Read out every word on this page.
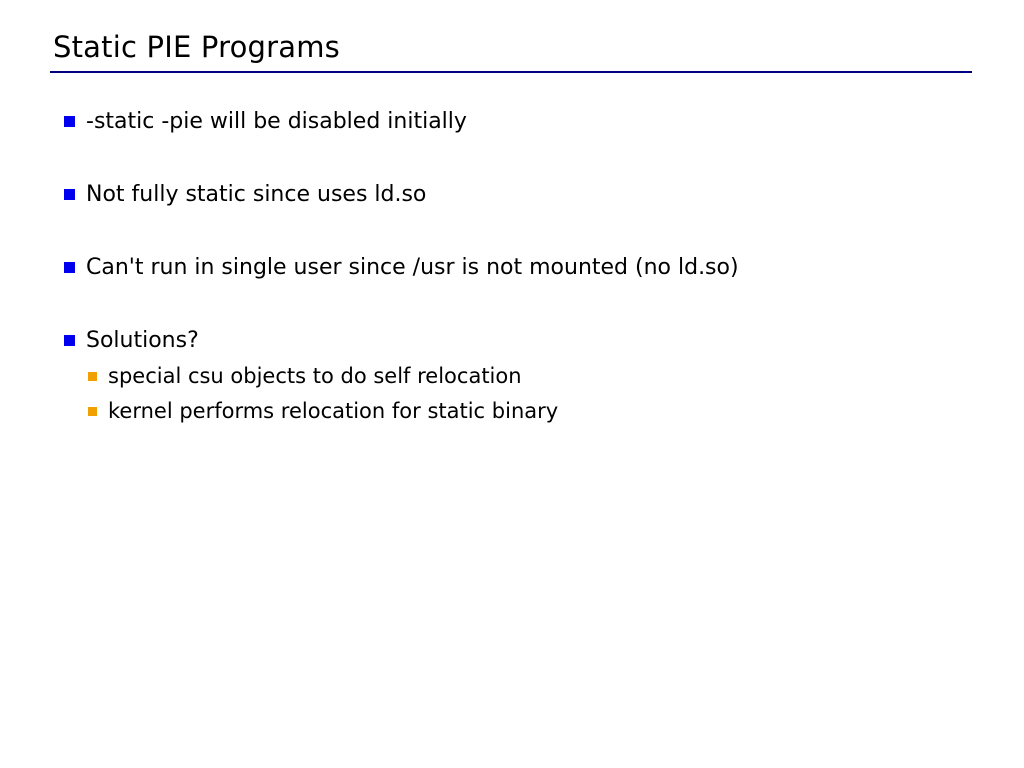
Static PIE Programs
-static -pie will be disabled initially
Not fully static since uses ld.so
Can't run in single user since /usr is not mounted (no ld.so)
Solutions?
special csu objects to do self relocation
kernel performs relocation for static binary
